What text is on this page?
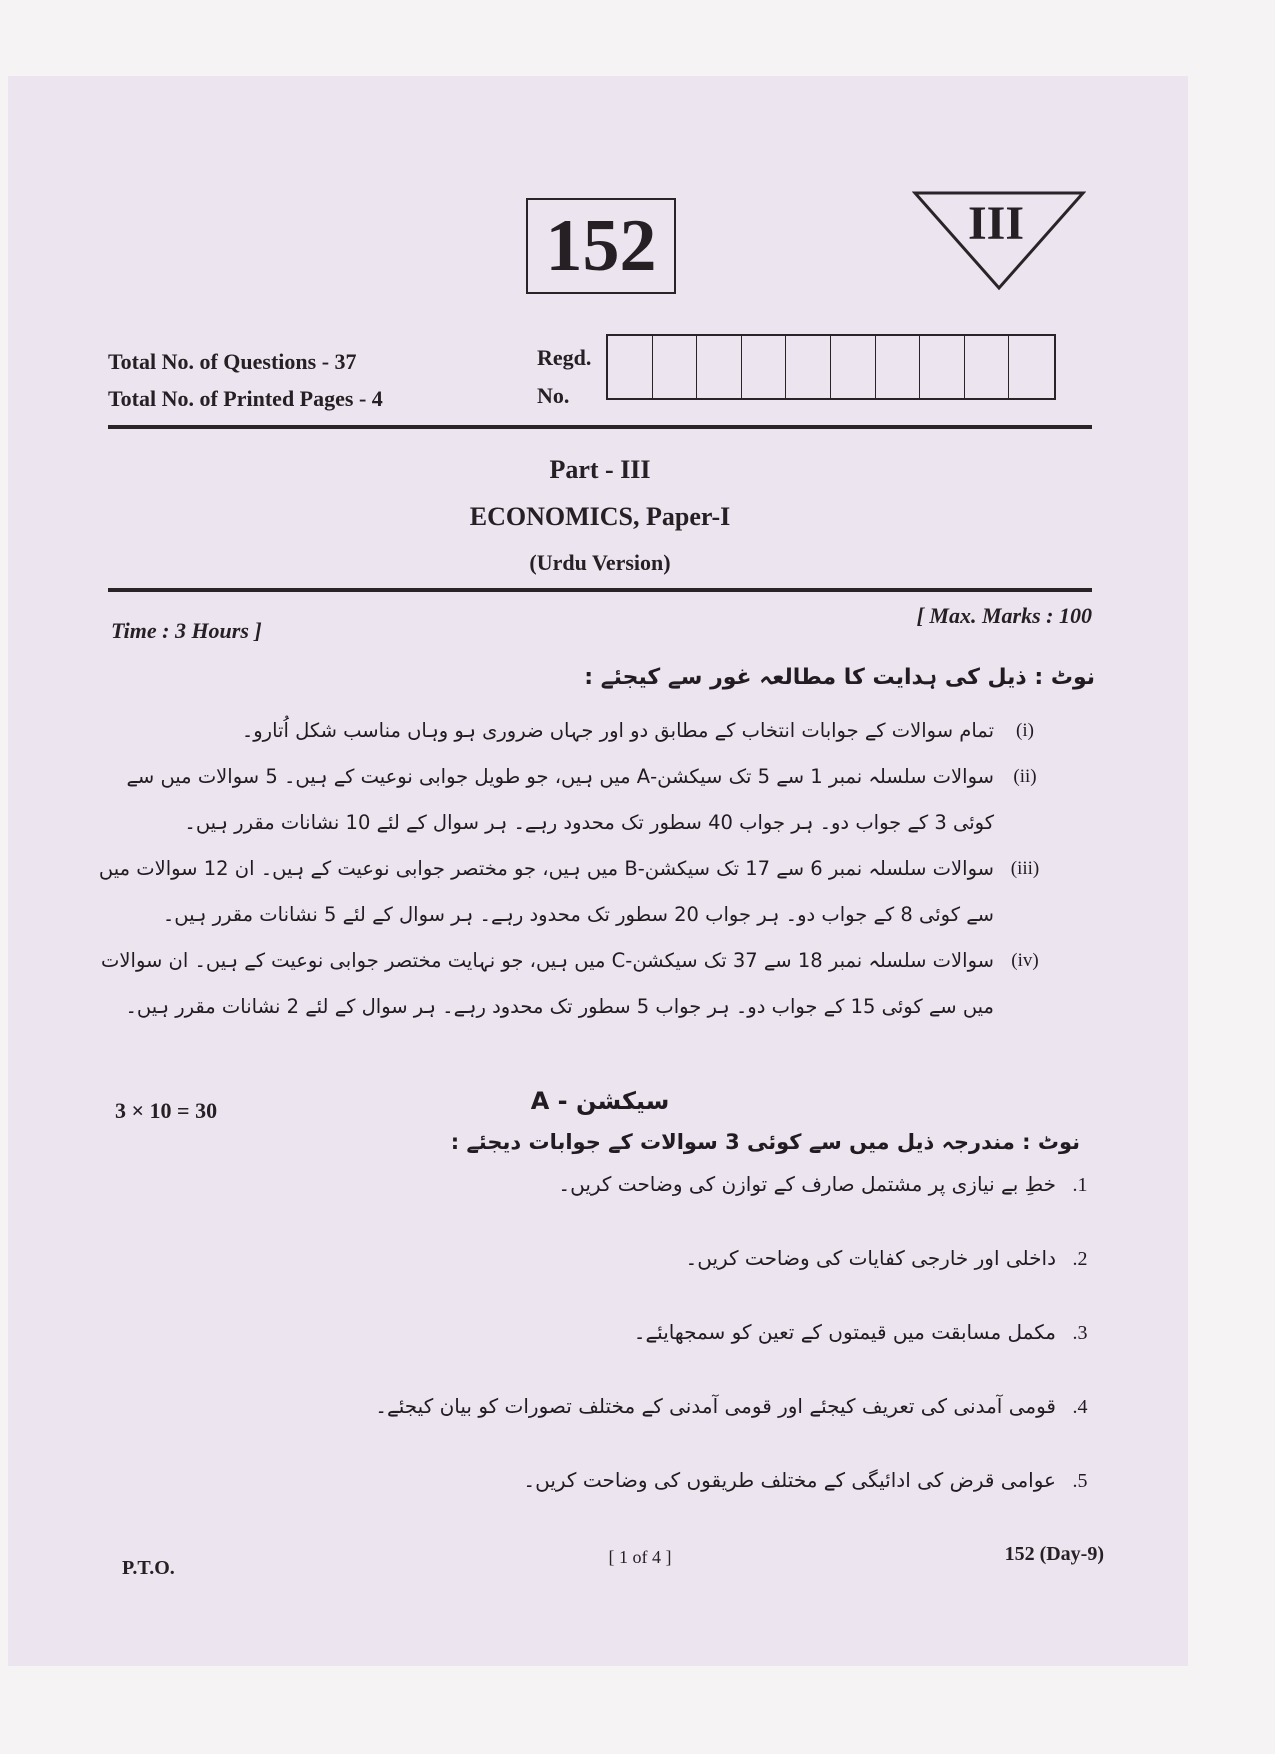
152	III
Total No. of Questions - 37
Total No. of Printed Pages - 4
Regd.
No.
Part - III
ECONOMICS, Paper-I
(Urdu Version)
Time : 3 Hours ]
[ Max. Marks : 100
نوٹ : ذیل کی ہدایت کا مطالعہ غور سے کیجئے :
(i)
تمام سوالات کے جوابات انتخاب کے مطابق دو اور جہاں ضروری ہو وہاں مناسب شکل اُتارو۔
(ii)
سوالات سلسلہ نمبر 1 سے 5 تک سیکشن-A میں ہیں، جو طویل جوابی نوعیت کے ہیں۔ 5 سوالات میں سے
کوئی 3 کے جواب دو۔ ہر جواب 40 سطور تک محدود رہے۔ ہر سوال کے لئے 10 نشانات مقرر ہیں۔
(iii)
سوالات سلسلہ نمبر 6 سے 17 تک سیکشن-B میں ہیں، جو مختصر جوابی نوعیت کے ہیں۔ ان 12 سوالات میں
سے کوئی 8 کے جواب دو۔ ہر جواب 20 سطور تک محدود رہے۔ ہر سوال کے لئے 5 نشانات مقرر ہیں۔
(iv)
سوالات سلسلہ نمبر 18 سے 37 تک سیکشن-C میں ہیں، جو نہایت مختصر جوابی نوعیت کے ہیں۔ ان سوالات
میں سے کوئی 15 کے جواب دو۔ ہر جواب 5 سطور تک محدود رہے۔ ہر سوال کے لئے 2 نشانات مقرر ہیں۔
3 × 10 = 30	سیکشن - A
نوٹ : مندرجہ ذیل میں سے کوئی 3 سوالات کے جوابات دیجئے :
1.
خطِ بے نیازی پر مشتمل صارف کے توازن کی وضاحت کریں۔
2.
داخلی اور خارجی کفایات کی وضاحت کریں۔
3.
مکمل مسابقت میں قیمتوں کے تعین کو سمجھایئے۔
4.
قومی آمدنی کی تعریف کیجئے اور قومی آمدنی کے مختلف تصورات کو بیان کیجئے۔
5.
عوامی قرض کی ادائیگی کے مختلف طریقوں کی وضاحت کریں۔
P.T.O.	[ 1 of 4 ]	152 (Day-9)
